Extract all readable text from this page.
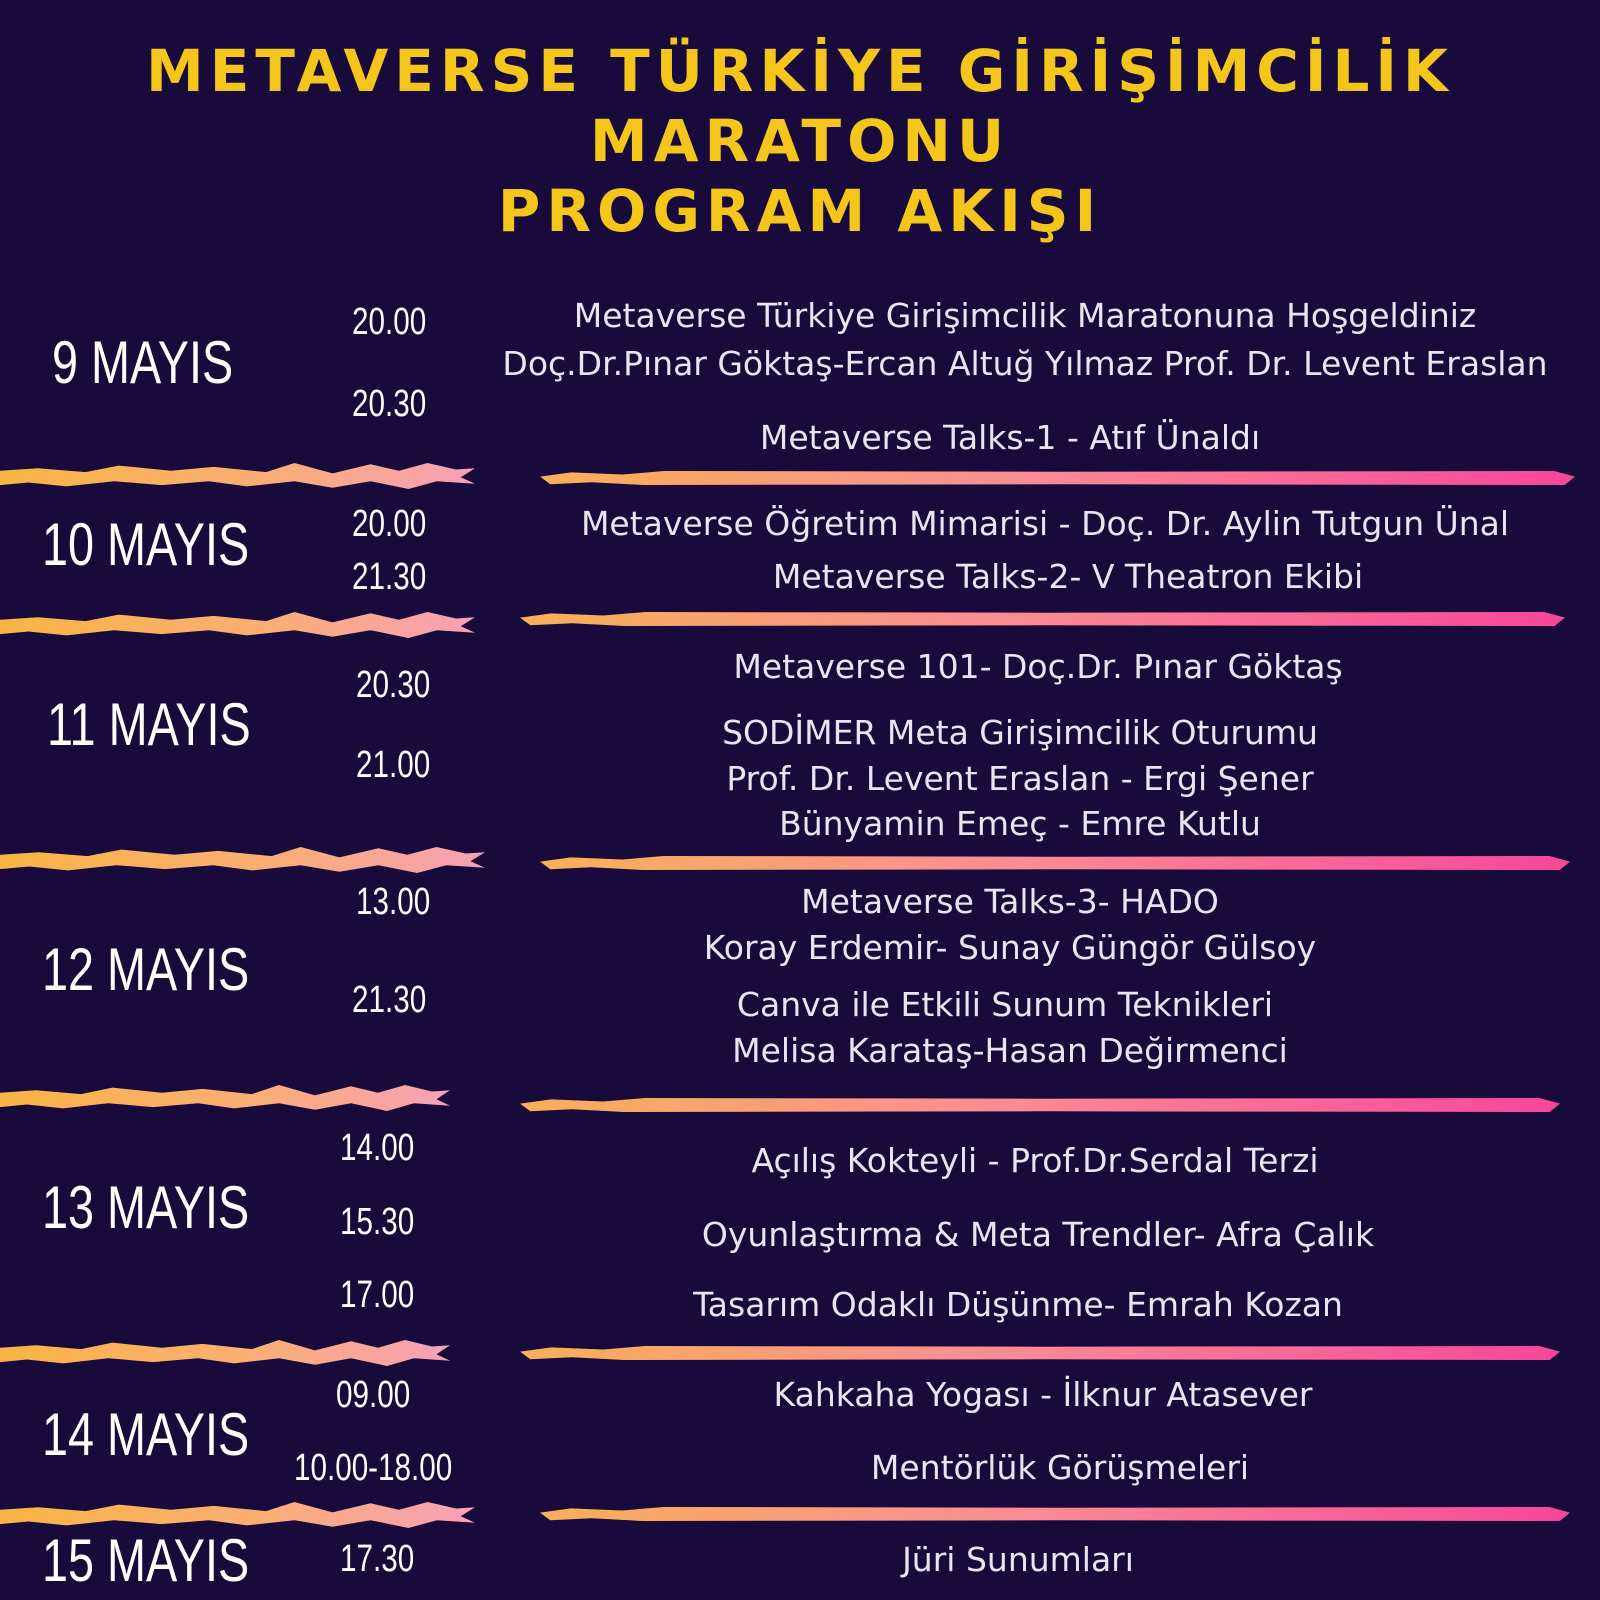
METAVERSE TÜRKİYE GİRİŞİMCİLİK
MARATONU
PROGRAM AKIŞI
9 MAYIS
20.00
20.30
Metaverse Türkiye Girişimcilik Maratonuna Hoşgeldiniz
Doç.Dr.Pınar Göktaş-Ercan Altuğ Yılmaz Prof. Dr. Levent Eraslan
Metaverse Talks-1 - Atıf Ünaldı
10 MAYIS	20.00
21.30
Metaverse Öğretim Mimarisi - Doç. Dr. Aylin Tutgun Ünal
Metaverse Talks-2- V Theatron Ekibi
11 MAYIS
20.30
21.00
Metaverse 101- Doç.Dr. Pınar Göktaş
SODİMER Meta Girişimcilik Oturumu
Prof. Dr. Levent Eraslan - Ergi Şener
Bünyamin Emeç - Emre Kutlu
12 MAYIS
13.00
21.30
Metaverse Talks-3- HADO
Koray Erdemir- Sunay Güngör Gülsoy
Canva ile Etkili Sunum Teknikleri
Melisa Karataş-Hasan Değirmenci
13 MAYIS
14.00
15.30
17.00
Açılış Kokteyli - Prof.Dr.Serdal Terzi
Oyunlaştırma & Meta Trendler- Afra Çalık
Tasarım Odaklı Düşünme- Emrah Kozan
14 MAYIS
09.00
10.00-18.00
Kahkaha Yogası - İlknur Atasever
Mentörlük Görüşmeleri
15 MAYIS 17.30	Jüri Sunumları
